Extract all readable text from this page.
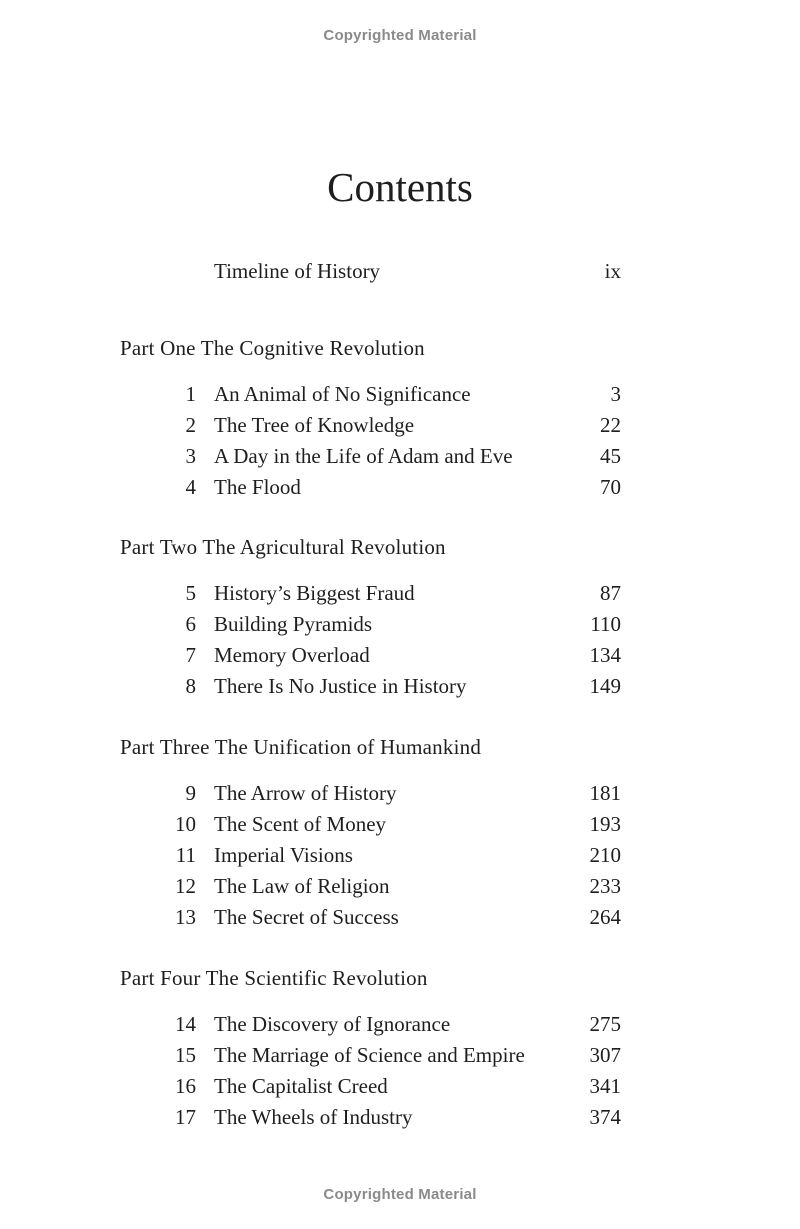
Copyrighted Material
Contents
Timeline of History	ix
Part One The Cognitive Revolution
1 An Animal of No Significance	3
2 The Tree of Knowledge	22
3 A Day in the Life of Adam and Eve	45
4 The Flood	70
Part Two The Agricultural Revolution
5 History’s Biggest Fraud	87
6 Building Pyramids	110
7 Memory Overload	134
8 There Is No Justice in History	149
Part Three The Unification of Humankind
9 The Arrow of History	181
10 The Scent of Money	193
11 Imperial Visions	210
12 The Law of Religion	233
13 The Secret of Success	264
Part Four The Scientific Revolution
14 The Discovery of Ignorance	275
15 The Marriage of Science and Empire	307
16 The Capitalist Creed	341
17 The Wheels of Industry	374
Copyrighted Material
